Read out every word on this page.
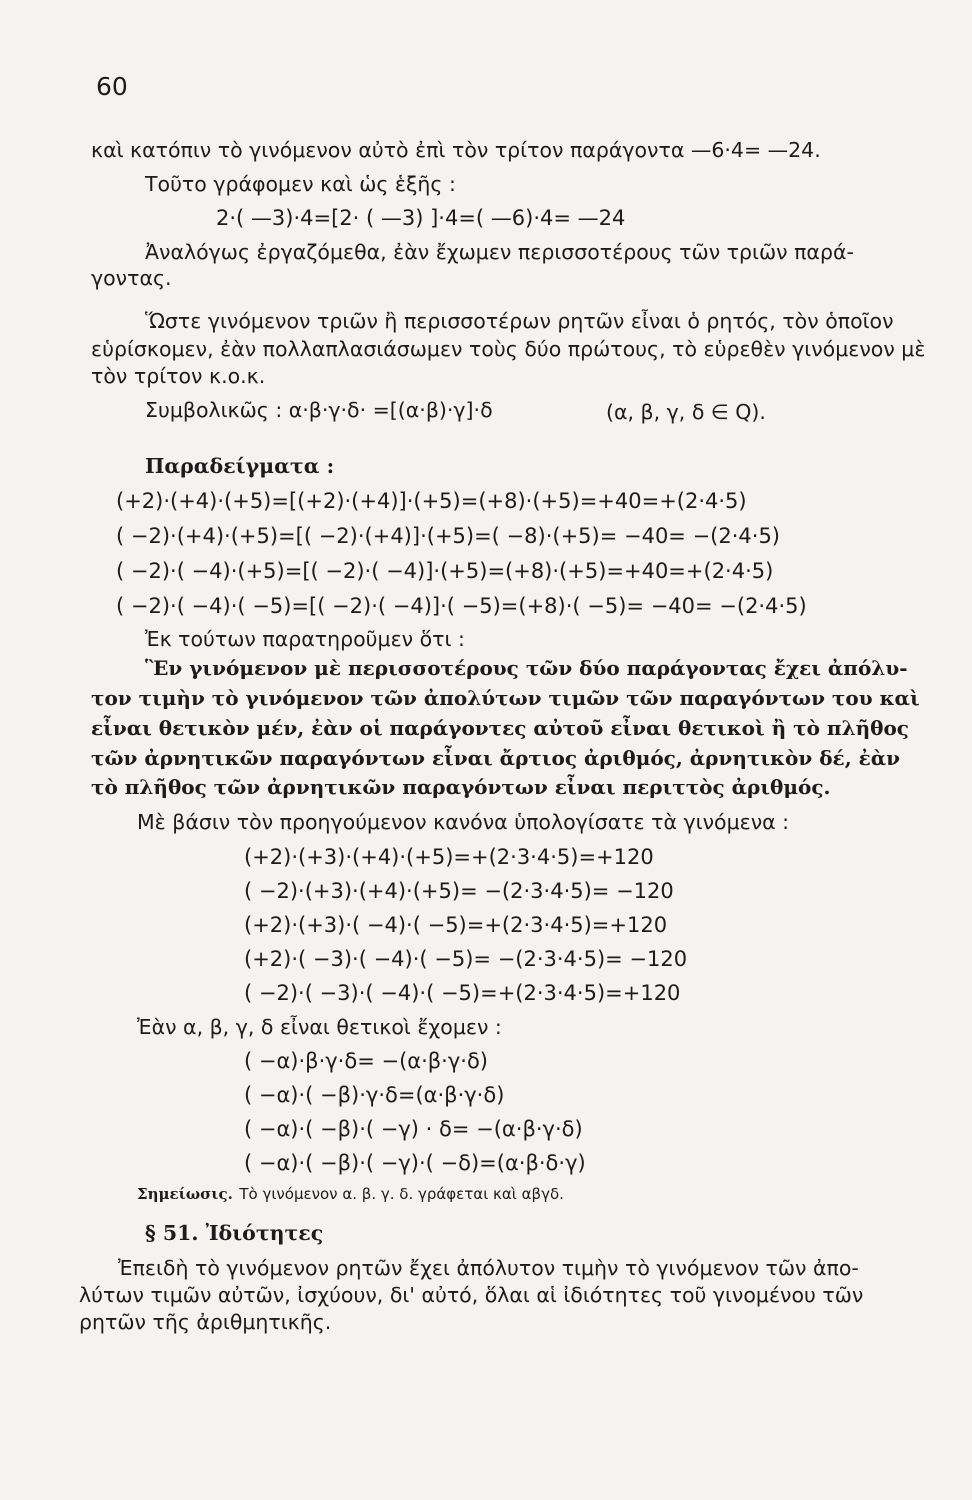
60
καὶ κατόπιν τὸ γινόμενον αὐτὸ ἐπὶ τὸν τρίτον παράγοντα —6·4= —24.
Τοῦτο γράφομεν καὶ ὡς ἑξῆς :
2·( —3)·4=[2· ( —3) ]·4=( —6)·4= —24
Ἀναλόγως ἐργαζόμεθα, ἐὰν ἔχωμεν περισσοτέρους τῶν τριῶν παρά-
γοντας.
Ὥστε γινόμενον τριῶν ἢ περισσοτέρων ρητῶν εἶναι ὁ ρητός, τὸν ὁποῖον
εὑρίσκομεν, ἐὰν πολλαπλασιάσωμεν τοὺς δύο πρώτους, τὸ εὑρεθὲν γινόμενον μὲ
τὸν τρίτον κ.ο.κ.
Συμβολικῶς : α·β·γ·δ· =[(α·β)·γ]·δ	(α, β, γ, δ ∈ Q).
Παραδείγματα :
(+2)·(+4)·(+5)=[(+2)·(+4)]·(+5)=(+8)·(+5)=+40=+(2·4·5)
( −2)·(+4)·(+5)=[( −2)·(+4)]·(+5)=( −8)·(+5)= −40= −(2·4·5)
( −2)·( −4)·(+5)=[( −2)·( −4)]·(+5)=(+8)·(+5)=+40=+(2·4·5)
( −2)·( −4)·( −5)=[( −2)·( −4)]·( −5)=(+8)·( −5)= −40= −(2·4·5)
Ἐκ τούτων παρατηροῦμεν ὅτι :
Ἓν γινόμενον μὲ περισσοτέρους τῶν δύο παράγοντας ἔχει ἀπόλυ-
τον τιμὴν τὸ γινόμενον τῶν ἀπολύτων τιμῶν τῶν παραγόντων του καὶ
εἶναι θετικὸν μέν, ἐὰν οἱ παράγοντες αὐτοῦ εἶναι θετικοὶ ἢ τὸ πλῆθος
τῶν ἀρνητικῶν παραγόντων εἶναι ἄρτιος ἀριθμός, ἀρνητικὸν δέ, ἐὰν
τὸ πλῆθος τῶν ἀρνητικῶν παραγόντων εἶναι περιττὸς ἀριθμός.
Μὲ βάσιν τὸν προηγούμενον κανόνα ὑπολογίσατε τὰ γινόμενα :
(+2)·(+3)·(+4)·(+5)=+(2·3·4·5)=+120
( −2)·(+3)·(+4)·(+5)= −(2·3·4·5)= −120
(+2)·(+3)·( −4)·( −5)=+(2·3·4·5)=+120
(+2)·( −3)·( −4)·( −5)= −(2·3·4·5)= −120
( −2)·( −3)·( −4)·( −5)=+(2·3·4·5)=+120
Ἐὰν α, β, γ, δ εἶναι θετικοὶ ἔχομεν :
( −α)·β·γ·δ= −(α·β·γ·δ)
( −α)·( −β)·γ·δ=(α·β·γ·δ)
( −α)·( −β)·( −γ) · δ= −(α·β·γ·δ)
( −α)·( −β)·( −γ)·( −δ)=(α·β·δ·γ)
Σημείωσις. Τὸ γινόμενον α. β. γ. δ. γράφεται καὶ αβγδ.
§ 51. Ἰδιότητες
Ἐπειδὴ τὸ γινόμενον ρητῶν ἔχει ἀπόλυτον τιμὴν τὸ γινόμενον τῶν ἀπο-
λύτων τιμῶν αὐτῶν, ἰσχύουν, δι' αὐτό, ὅλαι αἱ ἰδιότητες τοῦ γινομένου τῶν
ρητῶν τῆς ἀριθμητικῆς.
